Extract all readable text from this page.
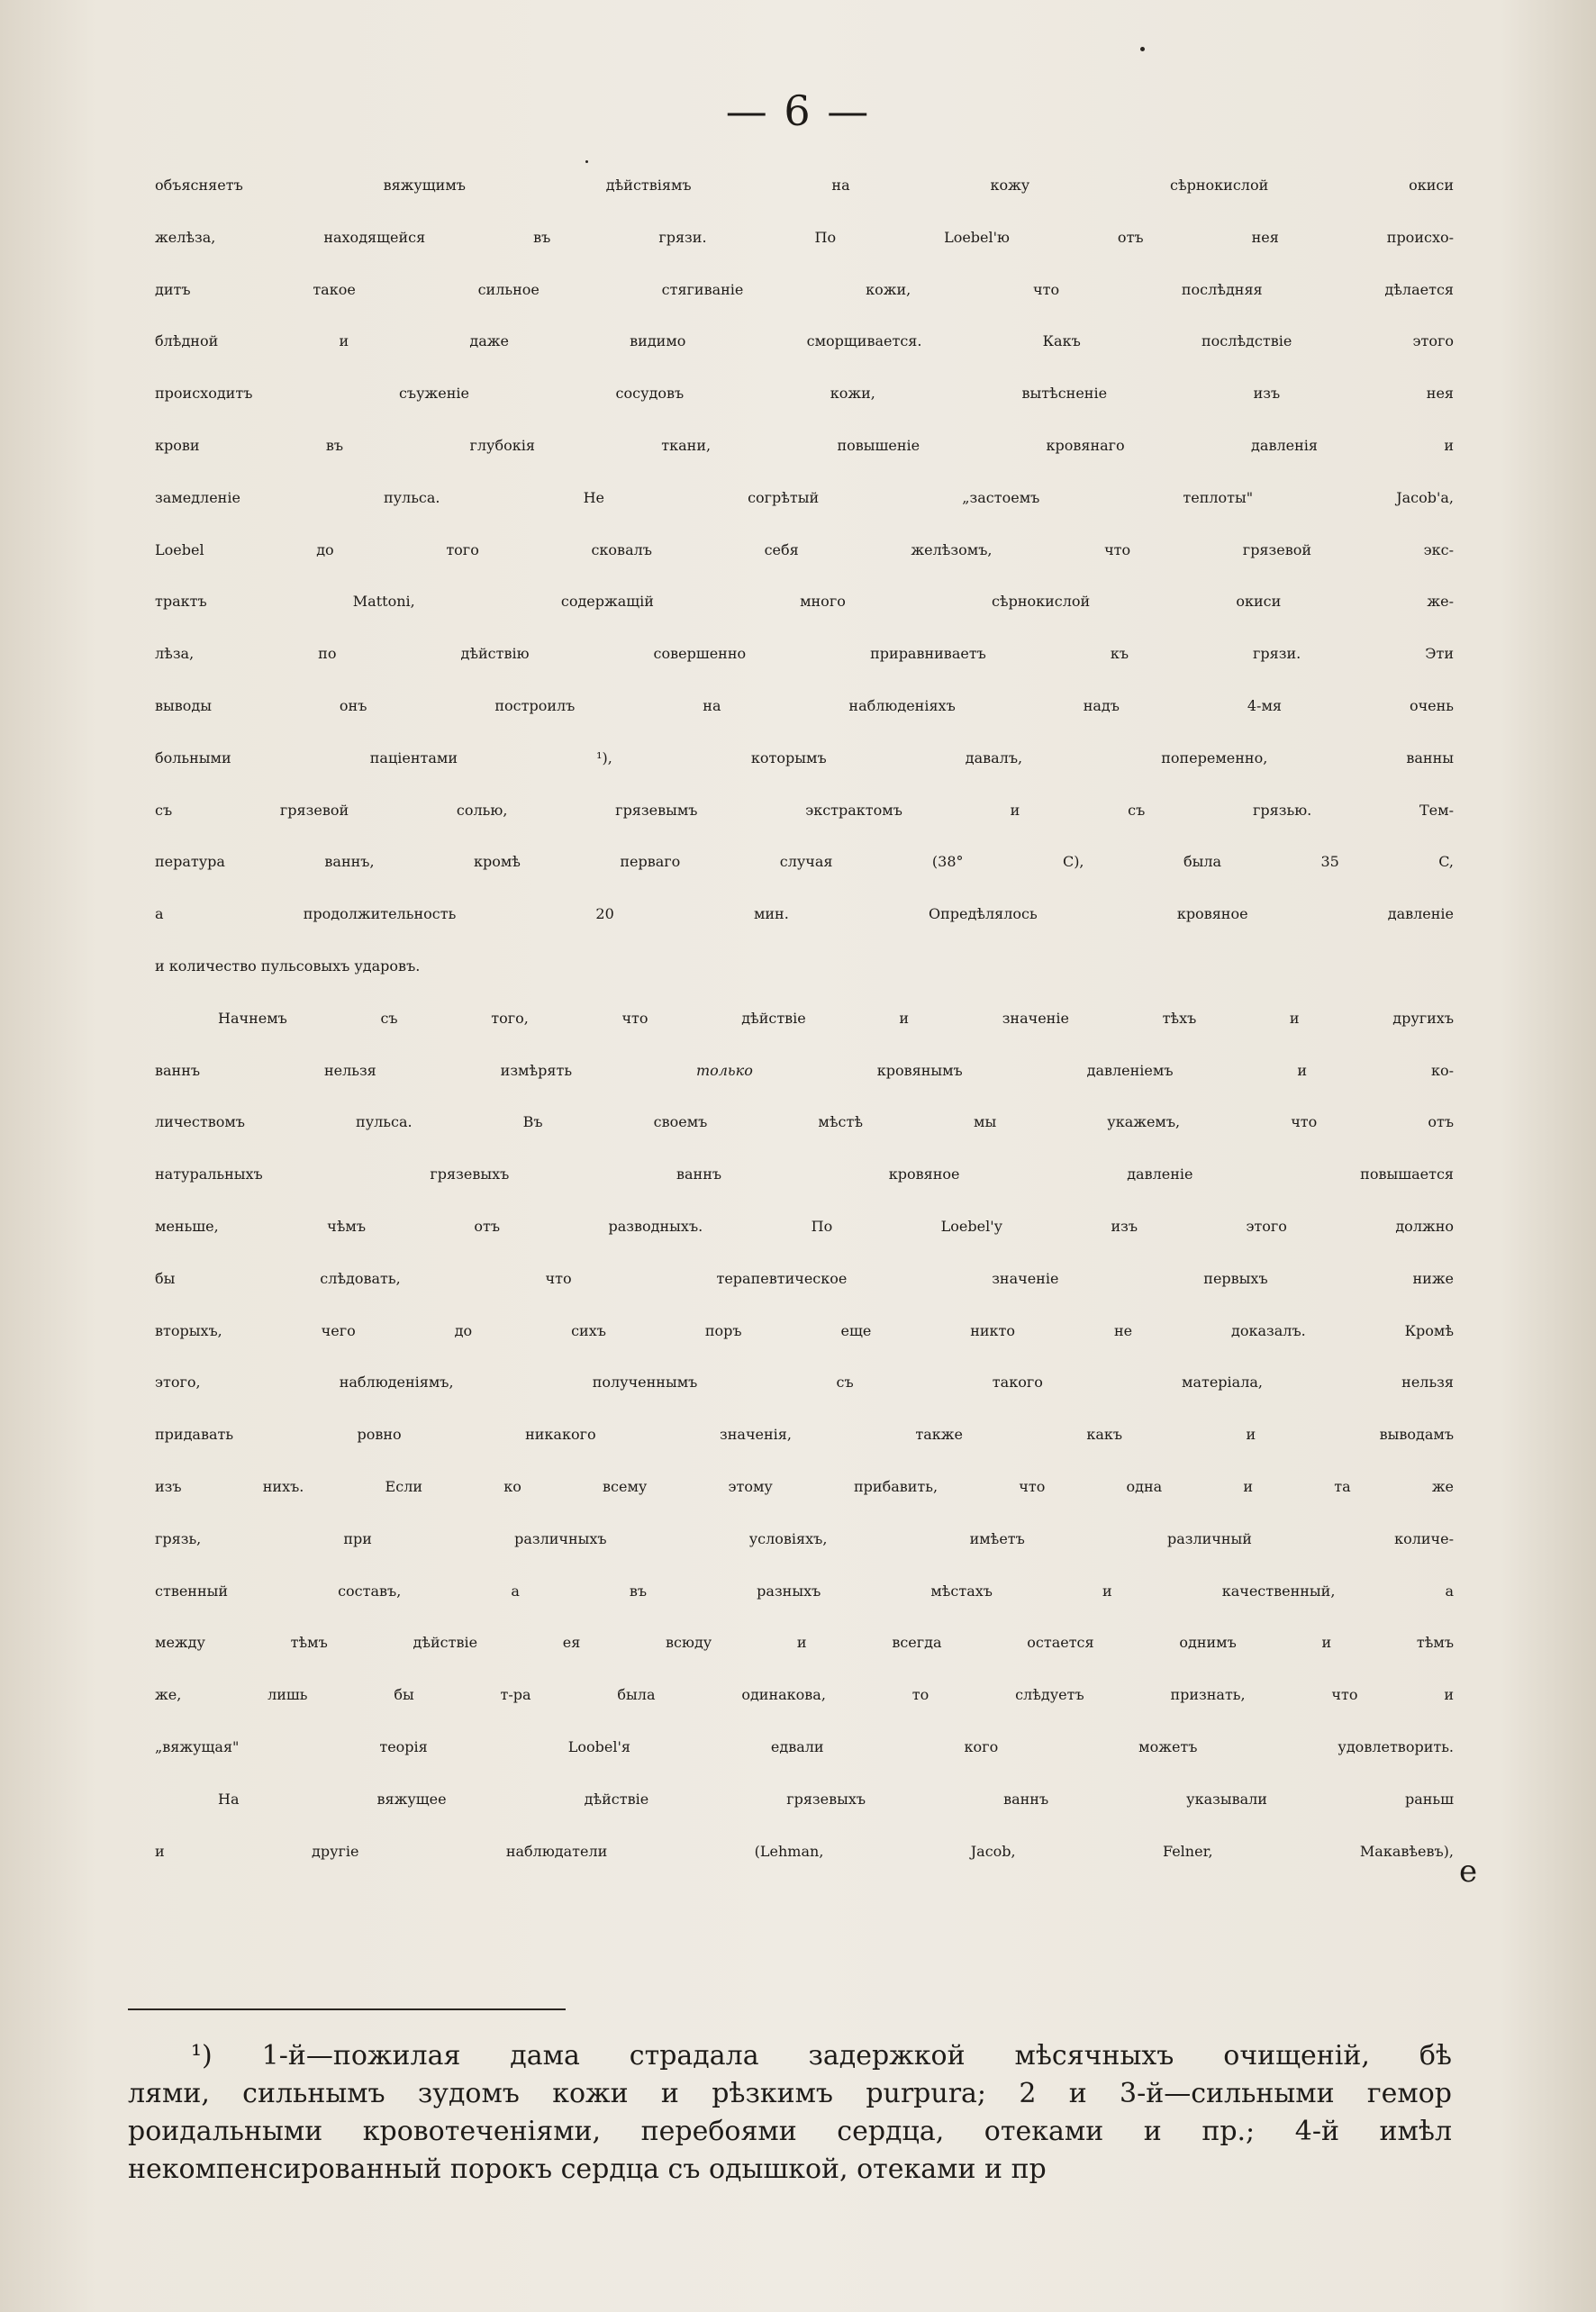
— 6 —
объясняетъ вяжущимъ дѣйствіямъ на кожу сѣрнокислой окиси
желѣза, находящейся въ грязи. По Loebel'ю отъ нея происхо-
дитъ такое сильное стягиваніе кожи, что послѣдняя дѣлается
блѣдной и даже видимо сморщивается. Какъ послѣдствіе этого
происходитъ съуженіе сосудовъ кожи, вытѣсненіе изъ нея
крови въ глубокія ткани, повышеніе кровянаго давленія и
замедленіе пульса. Не согрѣтый „застоемъ теплоты" Jacob'а,
Loebel до того сковалъ себя желѣзомъ, что грязевой экс-
трактъ Mattoni, содержащій много сѣрнокислой окиси же-
лѣза, по дѣйствію совершенно приравниваетъ къ грязи. Эти
выводы онъ построилъ на наблюденіяхъ надъ 4-мя очень
больными пацiентами ¹), которымъ давалъ, попеременно, ванны
съ грязевой солью, грязевымъ экстрактомъ и съ грязью. Тем-
пература ваннъ, кромѣ перваго случая (38° C), была 35 C,
а продолжительность 20 мин. Опредѣлялось кровяное давленіе
и количество пульсовыхъ ударовъ.
Начнемъ съ того, что дѣйствіе и значеніе тѣхъ и другихъ
ваннъ нельзя измѣрять	только	кровянымъ давленіемъ и ко-
личествомъ пульса. Въ своемъ мѣстѣ мы укажемъ, что отъ
натуральныхъ грязевыхъ ваннъ кровяное давленіе повышается
меньше, чѣмъ отъ разводныхъ. По Loebel'у изъ этого должно
бы слѣдовать, что терапевтическое значеніе первыхъ ниже
вторыхъ, чего до сихъ поръ еще никто не доказалъ. Кромѣ
этого, наблюденіямъ, полученнымъ съ такого матеріала, нельзя
придавать ровно никакого значенія, также какъ и выводамъ
изъ нихъ. Если ко всему этому прибавить, что одна и та же
грязь, при различныхъ условіяхъ, имѣетъ различный количе-
ственный составъ, а въ разныхъ мѣстахъ и качественный, а
между тѣмъ дѣйствіе ея всюду и всегда остается однимъ и тѣмъ
же, лишь бы т-ра была одинакова, то слѣдуетъ признать, что и
„вяжущая" теорія Loobel'я едвали кого можетъ удовлетворить.
На вяжущее дѣйствіе грязевыхъ ваннъ указывали раньш
и другіе наблюдатели (Lehman, Jacob, Felner, Макавѣевъ),
е
¹) 1-й—пожилая дама страдала задержкой мѣсячныхъ очищеній, бѣ
лями, сильнымъ зудомъ кожи и рѣзкимъ purpura; 2 и 3-й—сильными гемор
роидальными кровотеченіями, перебоями сердца, отеками и пр.; 4-й имѣл
некомпенсированный порокъ сердца съ одышкой, отеками и пр
